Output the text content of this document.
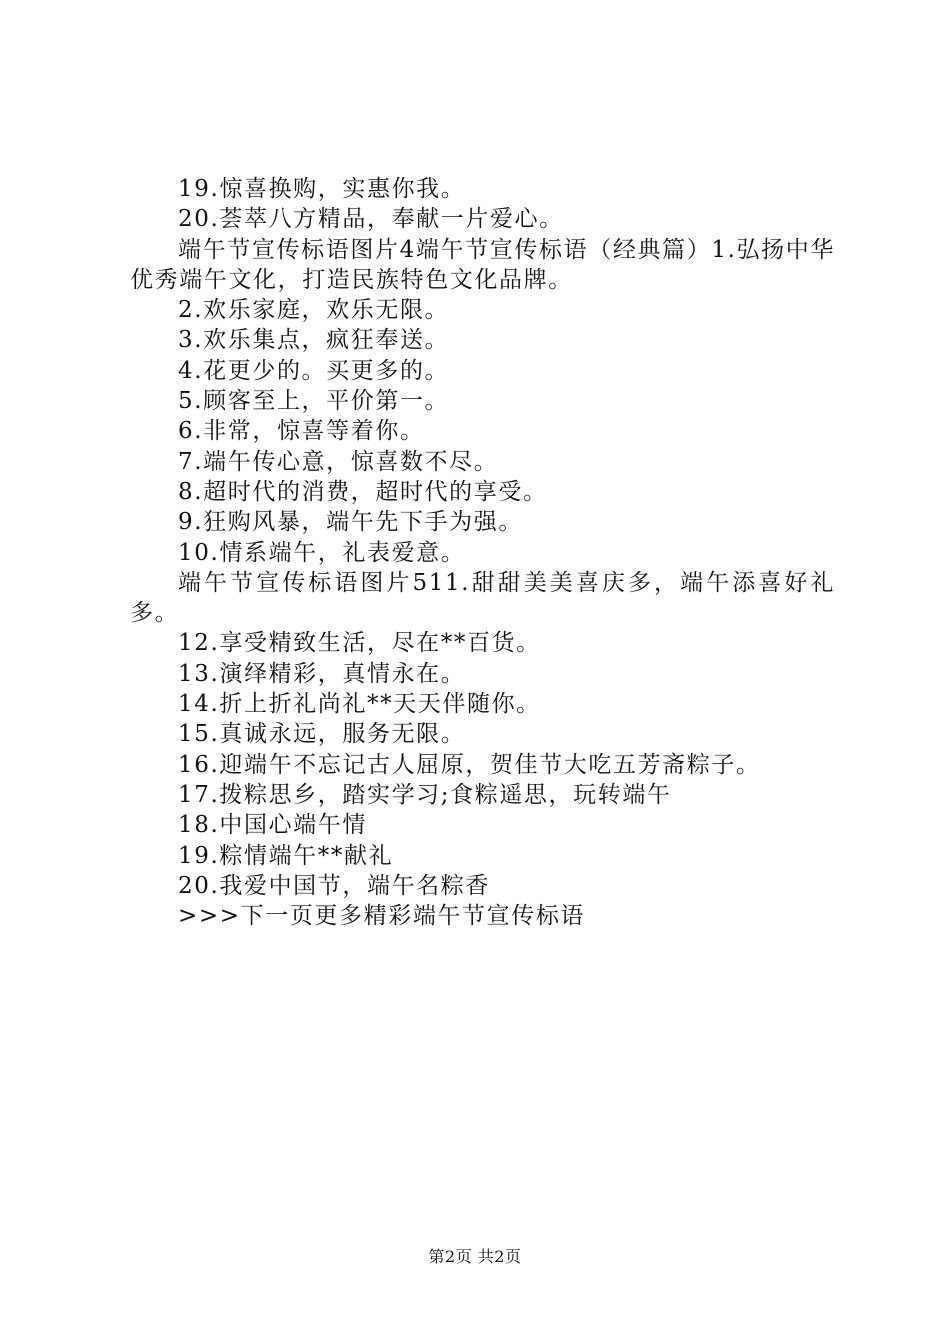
19.惊喜换购，实惠你我。
20.荟萃八方精品，奉献一片爱心。
端午节宣传标语图片4端午节宣传标语（经典篇）1.弘扬中华优秀端午文化，打造民族特色文化品牌。
2.欢乐家庭，欢乐无限。
3.欢乐集点，疯狂奉送。
4.花更少的。买更多的。
5.顾客至上，平价第一。
6.非常，惊喜等着你。
7.端午传心意，惊喜数不尽。
8.超时代的消费，超时代的享受。
9.狂购风暴，端午先下手为强。
10.情系端午，礼表爱意。
端午节宣传标语图片511.甜甜美美喜庆多，端午添喜好礼多。
12.享受精致生活，尽在**百货。
13.演绎精彩，真情永在。
14.折上折礼尚礼**天天伴随你。
15.真诚永远，服务无限。
16.迎端午不忘记古人屈原，贺佳节大吃五芳斋粽子。
17.拨粽思乡，踏实学习;食粽遥思，玩转端午
18.中国心端午情
19.粽情端午**献礼
20.我爱中国节，端午名粽香
>>>下一页更多精彩端午节宣传标语
第2页 共2页
